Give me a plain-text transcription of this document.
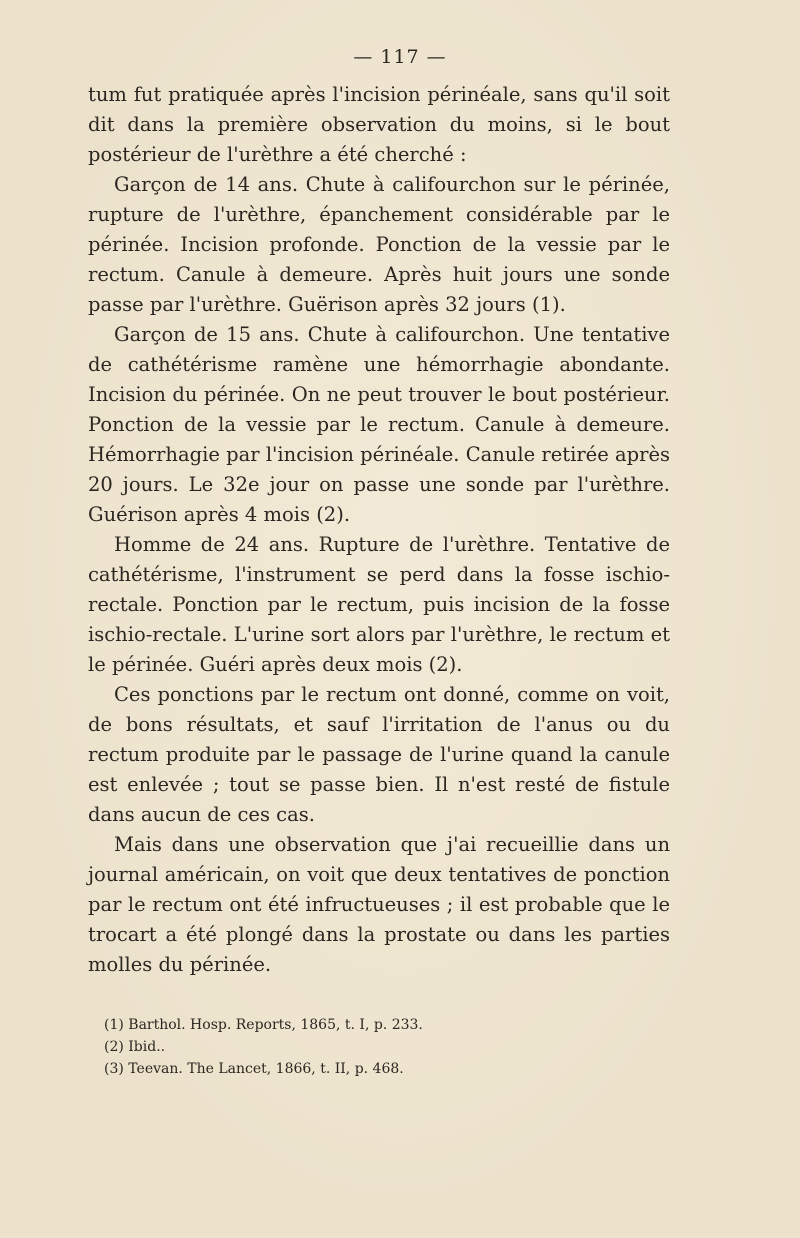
— 117 —

tum fut pratiquée après l'incision périnéale, sans qu'il soit dit dans la première observation du moins, si le bout postérieur de l'urèthre a été cherché :

Garçon de 14 ans. Chute à califourchon sur le périnée, rupture de l'urèthre, épanchement considérable par le périnée. Incision profonde. Ponction de la vessie par le rectum. Canule à demeure. Après huit jours une sonde passe par l'urèthre. Guërison après 32 jours (1).

Garçon de 15 ans. Chute à califourchon. Une tentative de cathétérisme ramène une hémorrhagie abondante. Incision du périnée. On ne peut trouver le bout postérieur. Ponction de la vessie par le rectum. Canule à demeure. Hémorrhagie par l'incision périnéale. Canule retirée après 20 jours. Le 32e jour on passe une sonde par l'urèthre. Guérison après 4 mois (2).

Homme de 24 ans. Rupture de l'urèthre. Tentative de cathétérisme, l'instrument se perd dans la fosse ischio-rectale. Ponction par le rectum, puis incision de la fosse ischio-rectale. L'urine sort alors par l'urèthre, le rectum et le périnée. Guéri après deux mois (2).

Ces ponctions par le rectum ont donné, comme on voit, de bons résultats, et sauf l'irritation de l'anus ou du rectum produite par le passage de l'urine quand la canule est enlevée ; tout se passe bien. Il n'est resté de fistule dans aucun de ces cas.

Mais dans une observation que j'ai recueillie dans un journal américain, on voit que deux tentatives de ponction par le rectum ont été infructueuses ; il est probable que le trocart a été plongé dans la prostate ou dans les parties molles du périnée.

(1) Barthol. Hosp. Reports, 1865, t. I, p. 233.
(2) Ibid..
(3) Teevan. The Lancet, 1866, t. II, p. 468.
